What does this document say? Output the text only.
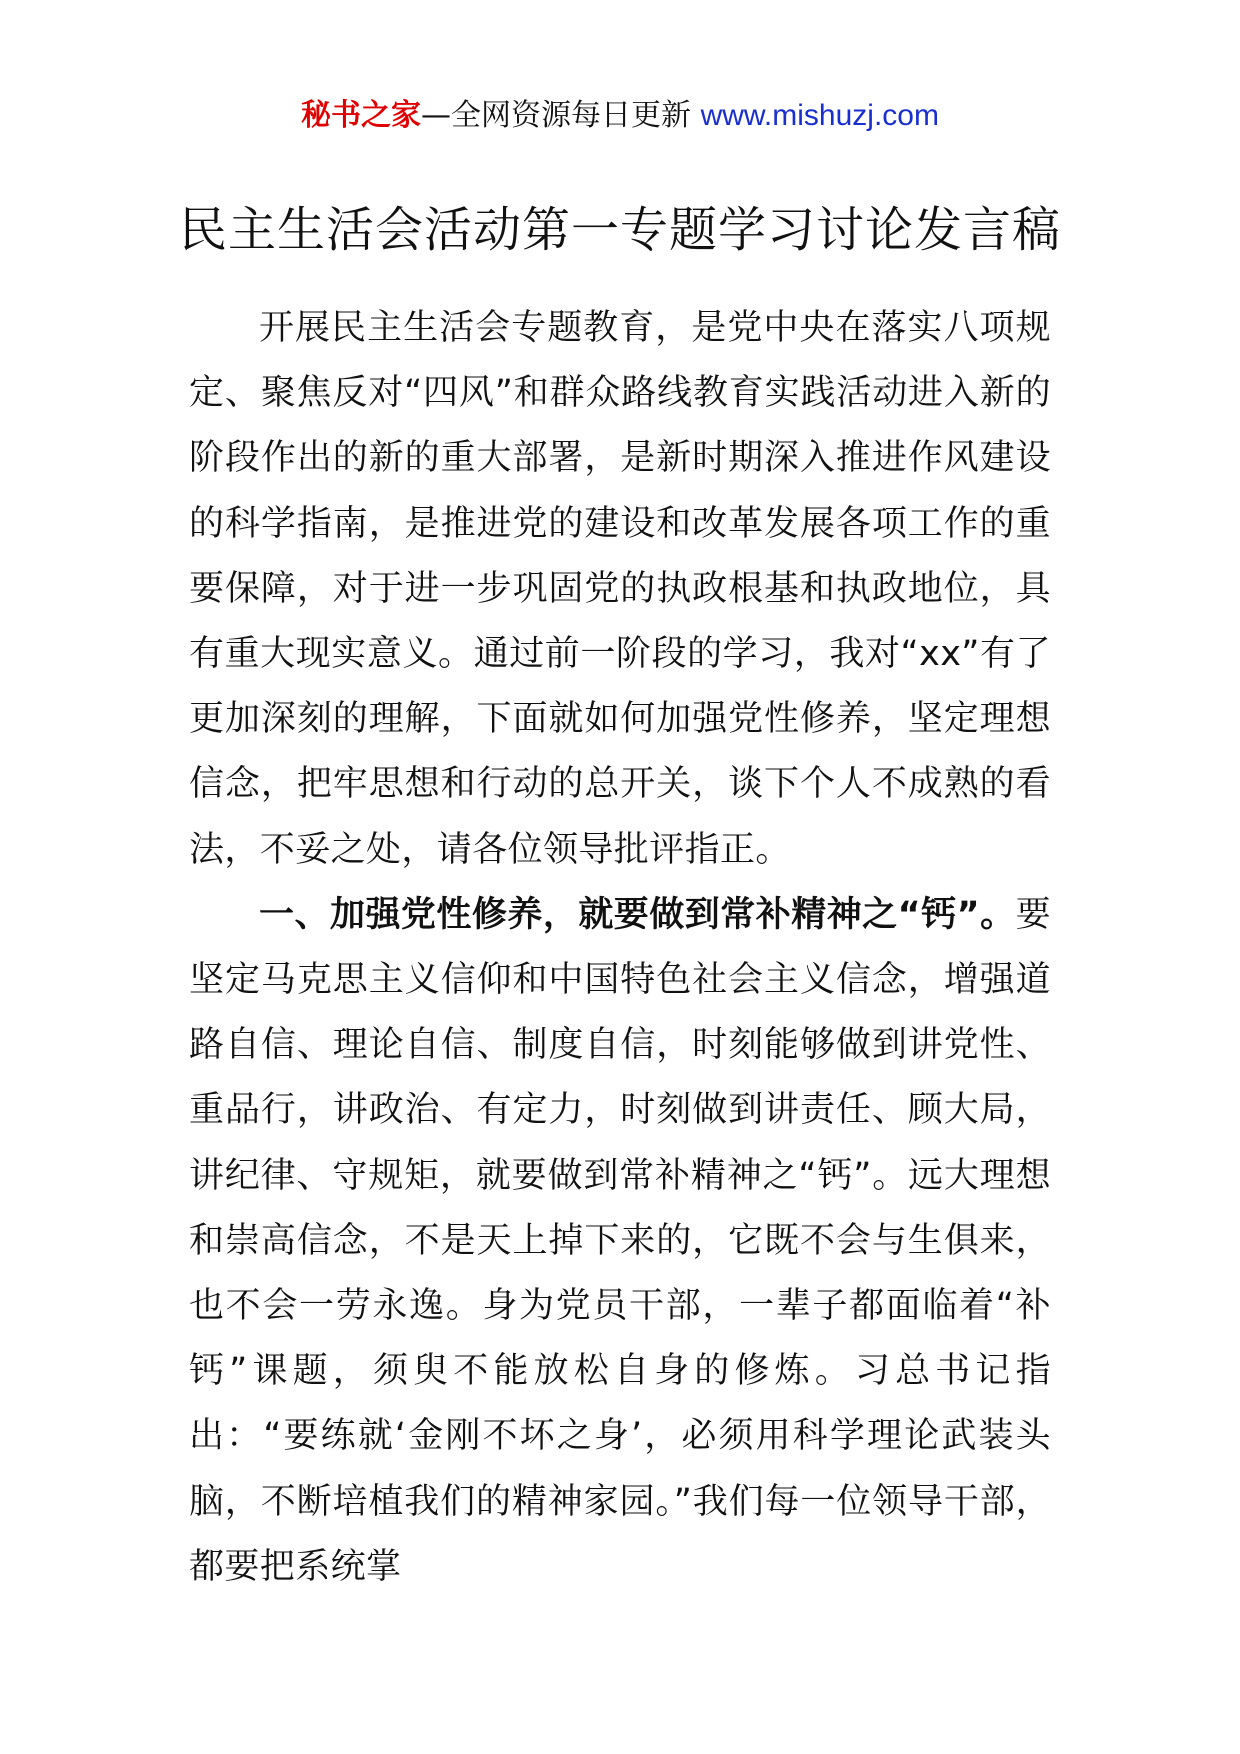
秘书之家—全网资源每日更新 www.mishuzj.com
民主生活会活动第一专题学习讨论发言稿

开展民主生活会专题教育，是党中央在落实八项规定、聚焦反对“四风”和群众路线教育实践活动进入新的阶段作出的新的重大部署，是新时期深入推进作风建设的科学指南，是推进党的建设和改革发展各项工作的重要保障，对于进一步巩固党的执政根基和执政地位，具有重大现实意义。通过前一阶段的学习，我对“xx”有了更加深刻的理解，下面就如何加强党性修养，坚定理想信念，把牢思想和行动的总开关，谈下个人不成熟的看法，不妥之处，请各位领导批评指正。

一、加强党性修养，就要做到常补精神之“钙”。要坚定马克思主义信仰和中国特色社会主义信念，增强道路自信、理论自信、制度自信，时刻能够做到讲党性、重品行，讲政治、有定力，时刻做到讲责任、顾大局，讲纪律、守规矩，就要做到常补精神之“钙”。远大理想和崇高信念，不是天上掉下来的，它既不会与生俱来，也不会一劳永逸。身为党员干部，一辈子都面临着“补钙”课题，须臾不能放松自身的修炼。习总书记指出：“要练就‘金刚不坏之身’，必须用科学理论武装头脑，不断培植我们的精神家园。”我们每一位领导干部，都要把系统掌
